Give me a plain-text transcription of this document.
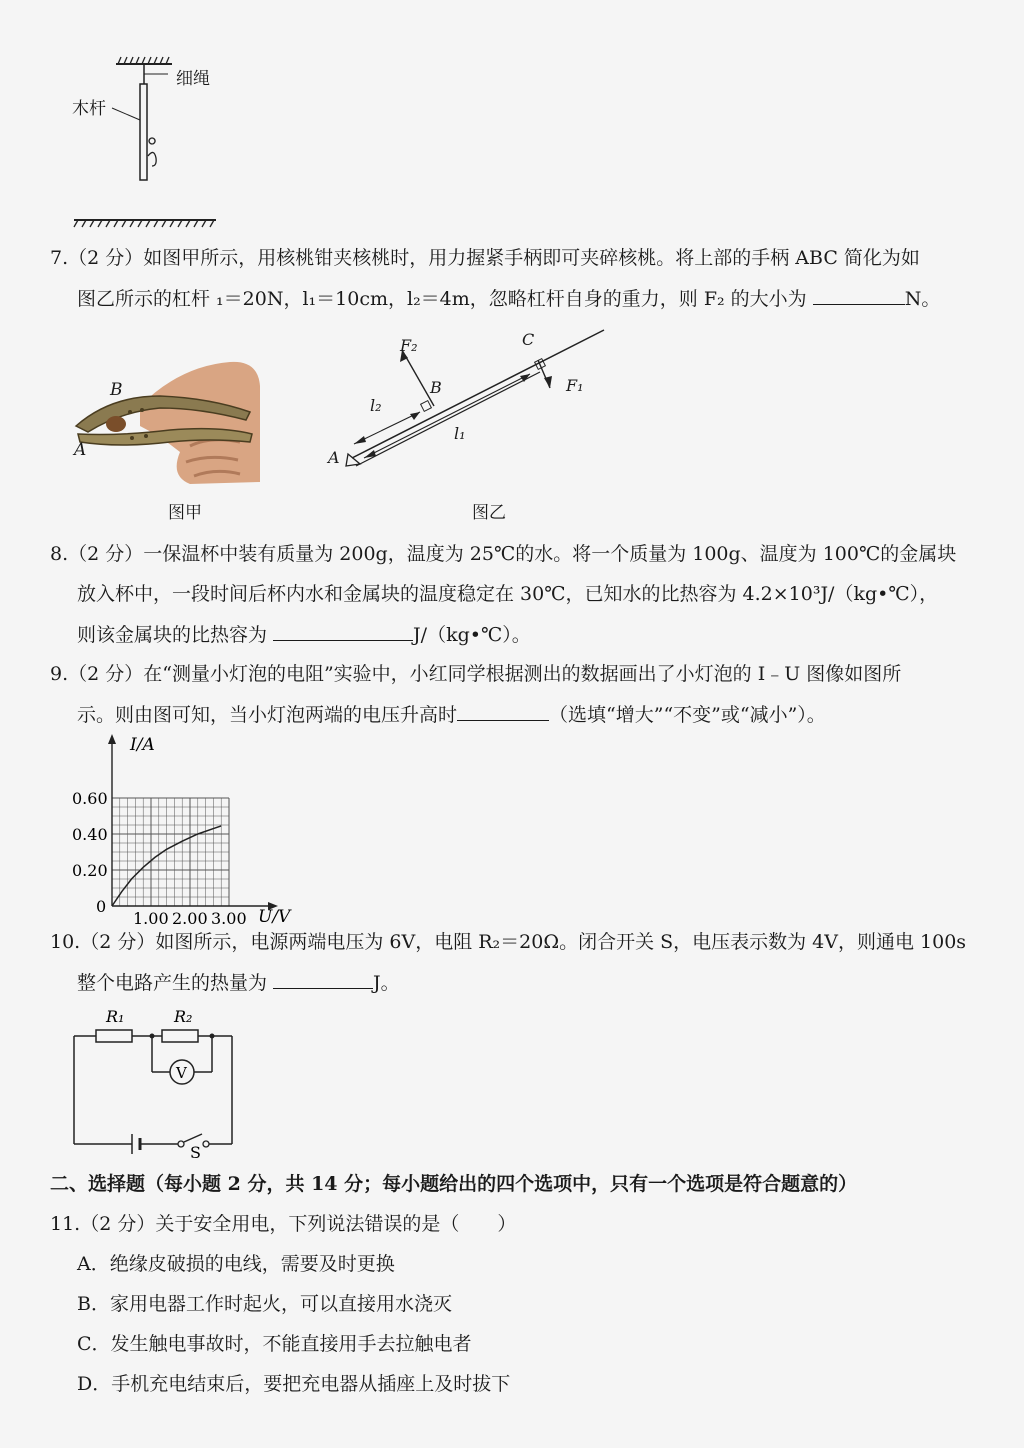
细绳
木杆
7.（2 分）如图甲所示，用核桃钳夹核桃时，用力握紧手柄即可夹碎核桃。将上部的手柄 ABC 简化为如
图乙所示的杠杆 ₁＝20N，l₁＝10cm，l₂＝4m，忽略杠杆自身的重力，则 F₂ 的大小为	N。
B
A
图甲
F₂	C
B	F₁
l₂
l₁
A
图乙
8.（2 分）一保温杯中装有质量为 200g，温度为 25℃的水。将一个质量为 100g、温度为 100℃的金属块
放入杯中，一段时间后杯内水和金属块的温度稳定在 30℃，已知水的比热容为 4.2×10³J/（kg•℃），
则该金属块的比热容为	J/（kg•℃）。
9.（2 分）在“测量小灯泡的电阻”实验中，小红同学根据测出的数据画出了小灯泡的 I﹣U 图像如图所
示。则由图可知，当小灯泡两端的电压升高时	（选填“增大”“不变”或“减小”）。
1.00 2.00 3.00
0.20
0.40
0.60
I/A
U/V
0
10.（2 分）如图所示，电源两端电压为 6V，电阻 R₂＝20Ω。闭合开关 S，电压表示数为 4V，则通电 100s
整个电路产生的热量为	J。
R₁	R₂
V
S
二、选择题（每小题 2 分，共 14 分；每小题给出的四个选项中，只有一个选项是符合题意的）
11.（2 分）关于安全用电，下列说法错误的是（　　）
A．绝缘皮破损的电线，需要及时更换
B．家用电器工作时起火，可以直接用水浇灭
C．发生触电事故时，不能直接用手去拉触电者
D．手机充电结束后，要把充电器从插座上及时拔下
